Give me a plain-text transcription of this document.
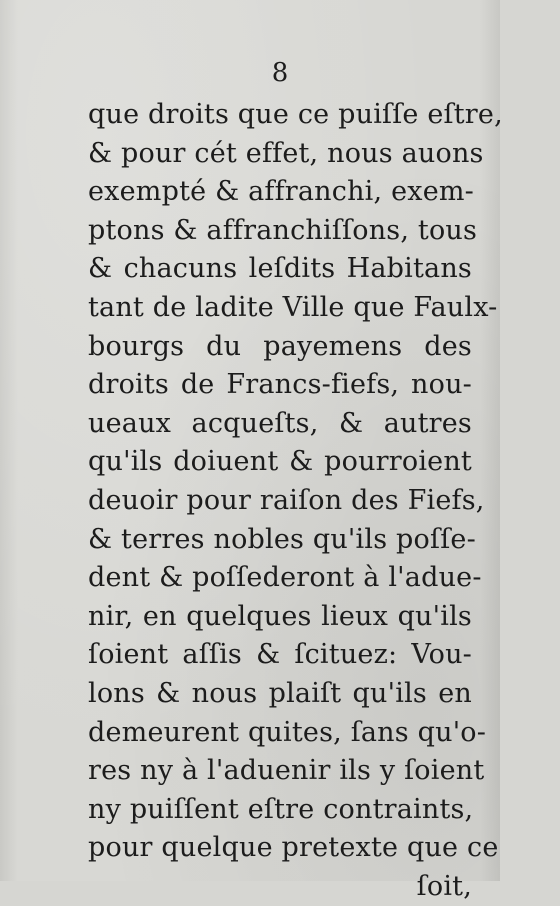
8
que droits que ce puiſſe eſtre,
& pour cét effet, nous auons
exempté & affranchi, exem-
ptons & affranchiſſons, tous
& chacuns leſdits Habitans
tant de ladite Ville que Faulx-
bourgs du payemens des
droits de Francs-fiefs, nou-
ueaux acqueſts, & autres
qu'ils doiuent & pourroient
deuoir pour raiſon des Fiefs,
& terres nobles qu'ils poſſe-
dent & poſſederont à l'adue-
nir, en quelques lieux qu'ils
ſoient aſſis & ſcituez: Vou-
lons & nous plaiſt qu'ils en
demeurent quites, ſans qu'o-
res ny à l'aduenir ils y ſoient
ny puiſſent eſtre contraints,
pour quelque pretexte que ce
ſoit,
